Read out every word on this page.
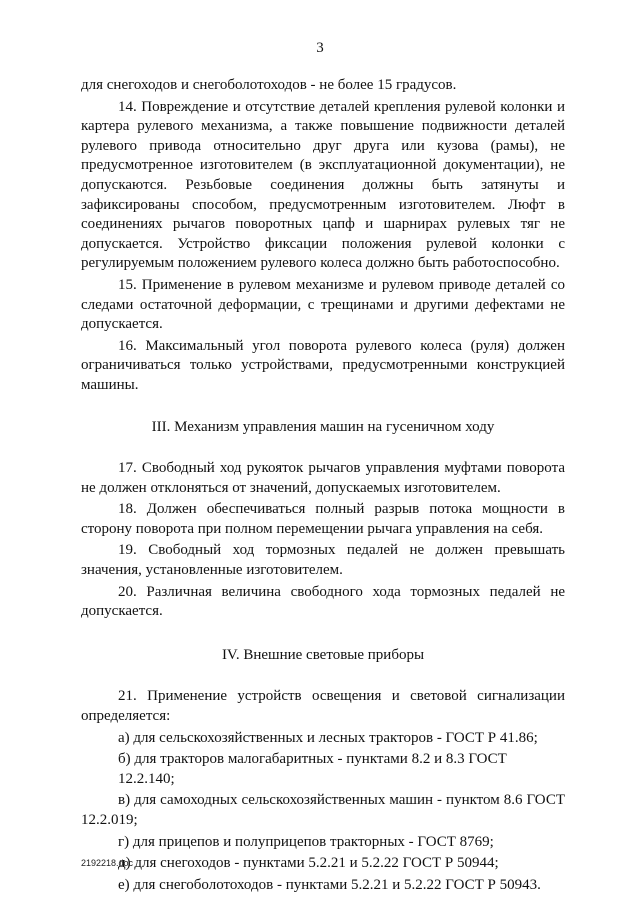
3

для снегоходов и снегоболотоходов - не более 15 градусов.

14. Повреждение и отсутствие деталей крепления рулевой колонки и картера рулевого механизма, а также повышение подвижности деталей рулевого привода относительно друг друга или кузова (рамы), не предусмотренное изготовителем (в эксплуатационной документации), не допускаются. Резьбовые соединения должны быть затянуты и зафиксированы способом, предусмотренным изготовителем. Люфт в соединениях рычагов поворотных цапф и шарнирах рулевых тяг не допускается. Устройство фиксации положения рулевой колонки с регулируемым положением рулевого колеса должно быть работоспособно.

15. Применение в рулевом механизме и рулевом приводе деталей со следами остаточной деформации, с трещинами и другими дефектами не допускается.

16. Максимальный угол поворота рулевого колеса (руля) должен ограничиваться только устройствами, предусмотренными конструкцией машины.

III. Механизм управления машин на гусеничном ходу

17. Свободный ход рукояток рычагов управления муфтами поворота не должен отклоняться от значений, допускаемых изготовителем.

18. Должен обеспечиваться полный разрыв потока мощности в сторону поворота при полном перемещении рычага управления на себя.

19. Свободный ход тормозных педалей не должен превышать значения, установленные изготовителем.

20. Различная величина свободного хода тормозных педалей не допускается.

IV. Внешние световые приборы

21. Применение устройств освещения и световой сигнализации определяется:

а) для сельскохозяйственных и лесных тракторов - ГОСТ Р 41.86;

б) для тракторов малогабаритных - пунктами 8.2 и 8.3 ГОСТ 12.2.140;

в) для самоходных сельскохозяйственных машин - пунктом 8.6 ГОСТ 12.2.019;

г) для прицепов и полуприцепов тракторных - ГОСТ 8769;

д) для снегоходов - пунктами 5.2.21 и 5.2.22 ГОСТ Р 50944;

е) для снегоболотоходов - пунктами 5.2.21 и 5.2.22 ГОСТ Р 50943.

2192218.doc
